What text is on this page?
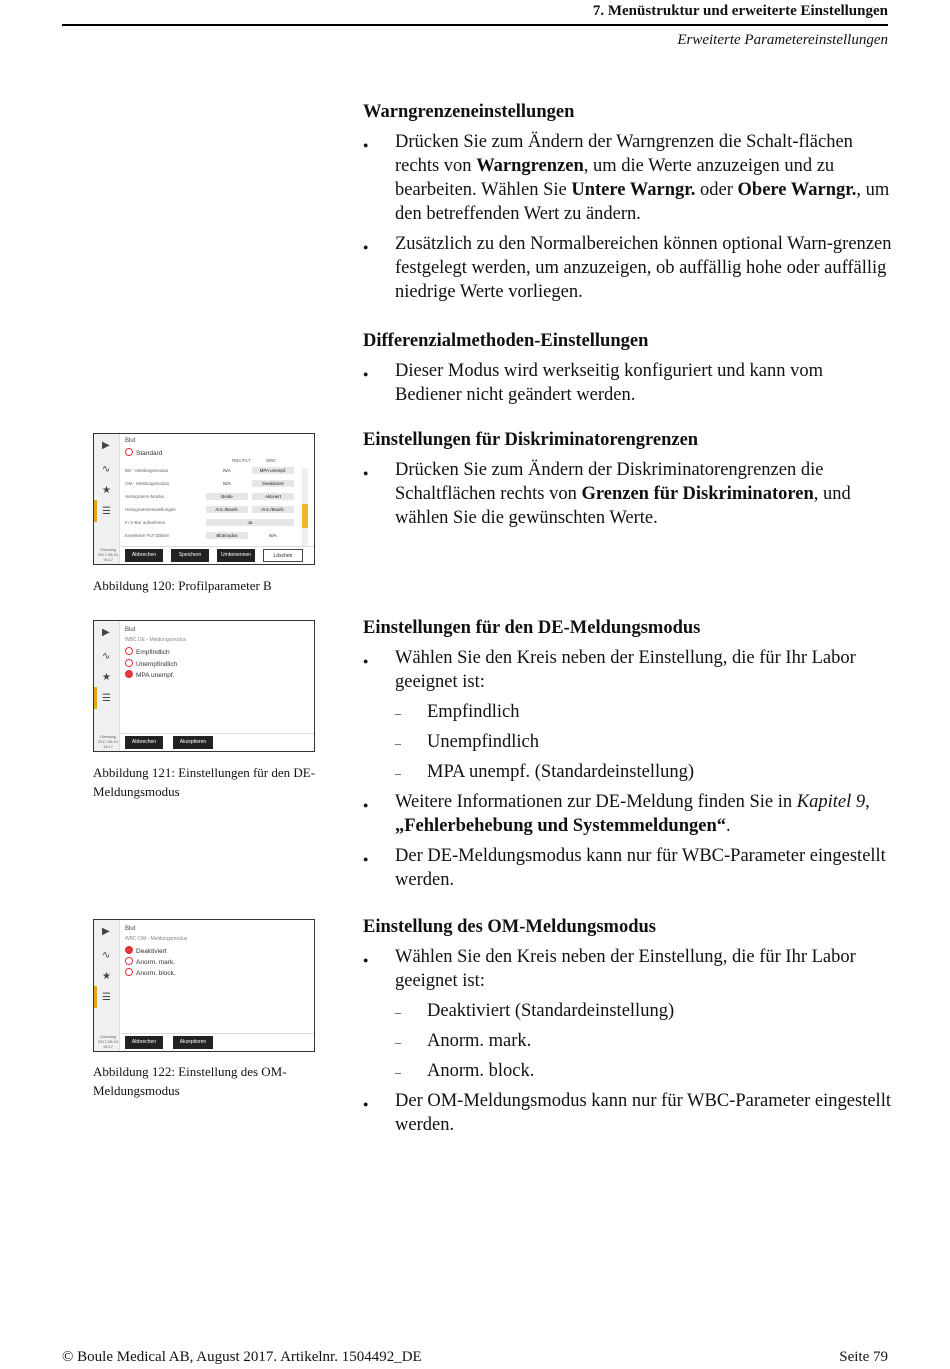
7. Menüstruktur und erweiterte Einstellungen
Erweiterte Parametereinstellungen
Warngrenzeneinstellungen
● Drücken Sie zum Ändern der Warngrenzen die Schalt-flächen rechts von Warngrenzen, um die Werte anzuzeigen und zu bearbeiten. Wählen Sie Untere Warngr. oder Obere Warngr., um den betreffenden Wert zu ändern.
● Zusätzlich zu den Normalbereichen können optional Warn-grenzen festgelegt werden, um anzuzeigen, ob auffällig hohe oder auffällig niedrige Werte vorliegen.
Differenzialmethoden-Einstellungen
● Dieser Modus wird werkseitig konfiguriert und kann vom Bediener nicht geändert werden.
Einstellungen für Diskriminatorengrenzen
● Drücken Sie zum Ändern der Diskriminatorengrenzen die Schaltflächen rechts von Grenzen für Diskriminatoren, und wählen Sie die gewünschten Werte.
Einstellungen für den DE-Meldungsmodus
● Wählen Sie den Kreis neben der Einstellung, die für Ihr Labor geeignet ist:
– Empfindlich
– Unempfindlich
– MPA unempf. (Standardeinstellung)
● Weitere Informationen zur DE-Meldung finden Sie in Kapitel 9, „Fehlerbehebung und Systemmeldungen“.
● Der DE-Meldungsmodus kann nur für WBC-Parameter eingestellt werden.
Einstellung des OM-Meldungsmodus
● Wählen Sie den Kreis neben der Einstellung, die für Ihr Labor geeignet ist:
– Deaktiviert (Standardeinstellung)
– Anorm. mark.
– Anorm. block.
● Der OM-Meldungsmodus kann nur für WBC-Parameter eingestellt werden.
▶
∿
★
☰
Dienstag 2017-08-01 15:17
Blut
Standard
RBC/PLT	WBC
DE - Meldungsmodus	N/A	MPA unempf.
OM - Meldungsmodus	N/A	Deaktiviert
Histogramm-Modus	Beide	Aktiviert
Histogrammeinstellungen	Anz./Bearb.	Anz./Bearb.
In X-Bar aufnehmen	Ja
Erweiterte PLT-Zählen	Blutmodus	N/A
Abbrechen	Speichern	Umbenennen	Löschen
Abbildung 120: Profilparameter B
▶
∿
★
☰
Dienstag 2017-08-01 15:17
Blut
WBC DE - Meldungsmodus
Empfindlich
Unempfindlich
MPA unempf.
Abbrechen	Akzeptieren
Abbildung 121: Einstellungen für den DE-Meldungsmodus
▶
∿
★
☰
Dienstag 2017-08-01 15:17
Blut
WBC OM - Meldungsmodus
Deaktiviert
Anorm. mark.
Anorm. block.
Abbrechen	Akzeptieren
Abbildung 122: Einstellung des OM-Meldungsmodus
© Boule Medical AB, August 2017. Artikelnr. 1504492_DE	Seite 79
